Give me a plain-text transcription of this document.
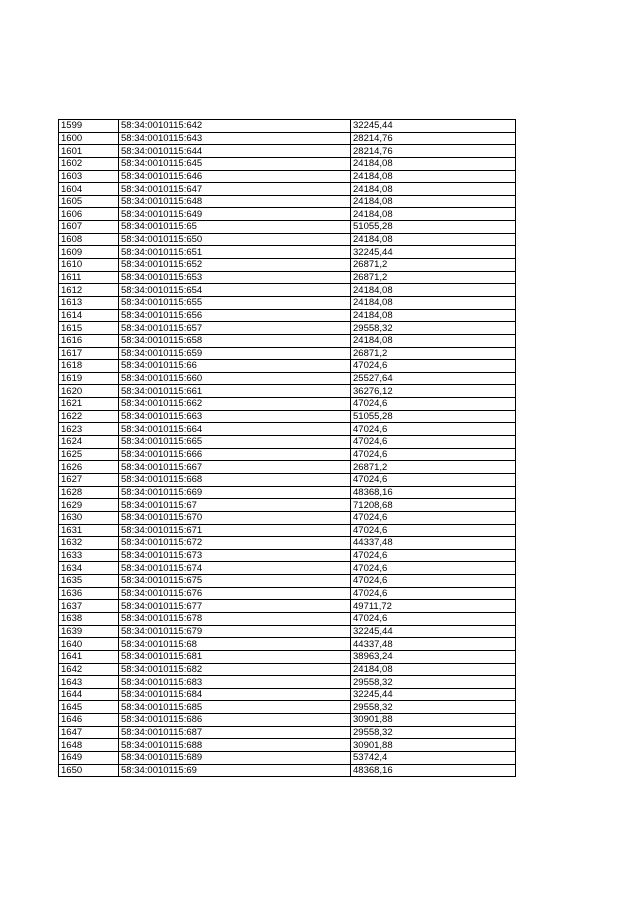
1599	58:34:0010115:642	32245,44
1600	58:34:0010115:643	28214,76
1601	58:34:0010115:644	28214,76
1602	58:34:0010115:645	24184,08
1603	58:34:0010115:646	24184,08
1604	58:34:0010115:647	24184,08
1605	58:34:0010115:648	24184,08
1606	58:34:0010115:649	24184,08
1607	58:34:0010115:65	51055,28
1608	58:34:0010115:650	24184,08
1609	58:34:0010115:651	32245,44
1610	58:34:0010115:652	26871,2
1611	58:34:0010115:653	26871,2
1612	58:34:0010115:654	24184,08
1613	58:34:0010115:655	24184,08
1614	58:34:0010115:656	24184,08
1615	58:34:0010115:657	29558,32
1616	58:34:0010115:658	24184,08
1617	58:34:0010115:659	26871,2
1618	58:34:0010115:66	47024,6
1619	58:34:0010115:660	25527,64
1620	58:34:0010115:661	36276,12
1621	58:34:0010115:662	47024,6
1622	58:34:0010115:663	51055,28
1623	58:34:0010115:664	47024,6
1624	58:34:0010115:665	47024,6
1625	58:34:0010115:666	47024,6
1626	58:34:0010115:667	26871,2
1627	58:34:0010115:668	47024,6
1628	58:34:0010115:669	48368,16
1629	58:34:0010115:67	71208,68
1630	58:34:0010115:670	47024,6
1631	58:34:0010115:671	47024,6
1632	58:34:0010115:672	44337,48
1633	58:34:0010115:673	47024,6
1634	58:34:0010115:674	47024,6
1635	58:34:0010115:675	47024,6
1636	58:34:0010115:676	47024,6
1637	58:34:0010115:677	49711,72
1638	58:34:0010115:678	47024,6
1639	58:34:0010115:679	32245,44
1640	58:34:0010115:68	44337,48
1641	58:34:0010115:681	38963,24
1642	58:34:0010115:682	24184,08
1643	58:34:0010115:683	29558,32
1644	58:34:0010115:684	32245,44
1645	58:34:0010115:685	29558,32
1646	58:34:0010115:686	30901,88
1647	58:34:0010115:687	29558,32
1648	58:34:0010115:688	30901,88
1649	58:34:0010115:689	53742,4
1650	58:34:0010115:69	48368,16
